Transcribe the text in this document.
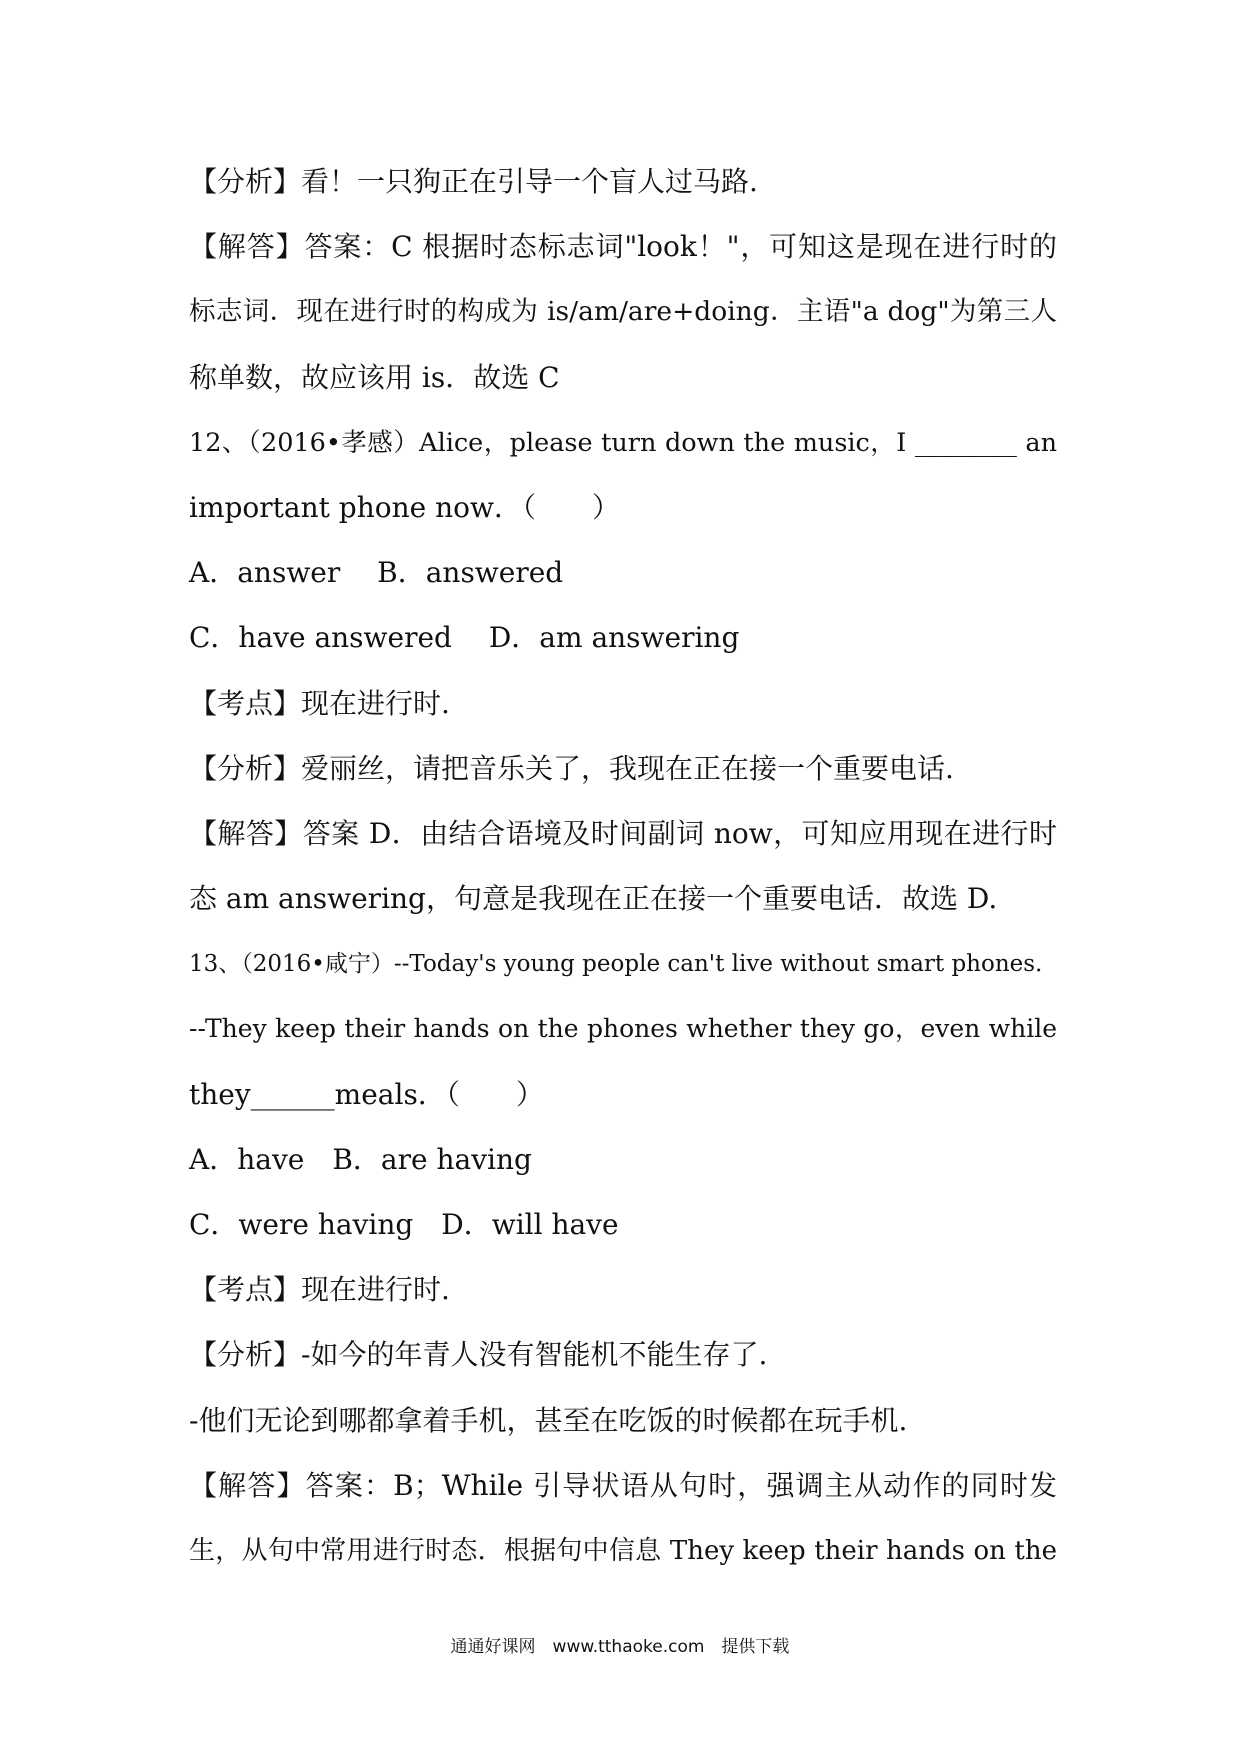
【分析】看！一只狗正在引导一个盲人过马路.
【解答】答案：C 根据时态标志词"look！"，可知这是现在进行时的
标志词．现在进行时的构成为 is/am/are+doing．主语"a dog"为第三人
称单数，故应该用 is．故选 C
12、（2016•孝感）Alice，please turn down the music，I ________ an
important phone now．（　　）
A．answer　 B．answered
C．have answered　 D．am answering
【考点】现在进行时.
【分析】爱丽丝，请把音乐关了，我现在正在接一个重要电话.
【解答】答案 D．由结合语境及时间副词 now，可知应用现在进行时
态 am answering，句意是我现在正在接一个重要电话．故选 D.
13、（2016•咸宁）--Today's young people can't live without smart phones．
--They keep their hands on the phones whether they go，even while
they______meals．（　　）
A．have　B．are having
C．were having　D．will have
【考点】现在进行时.
【分析】-如今的年青人没有智能机不能生存了.
-他们无论到哪都拿着手机，甚至在吃饭的时候都在玩手机.
【解答】答案：B；While 引导状语从句时，强调主从动作的同时发
生，从句中常用进行时态．根据句中信息 They keep their hands on the
通通好课网　www.tthaoke.com　提供下载
